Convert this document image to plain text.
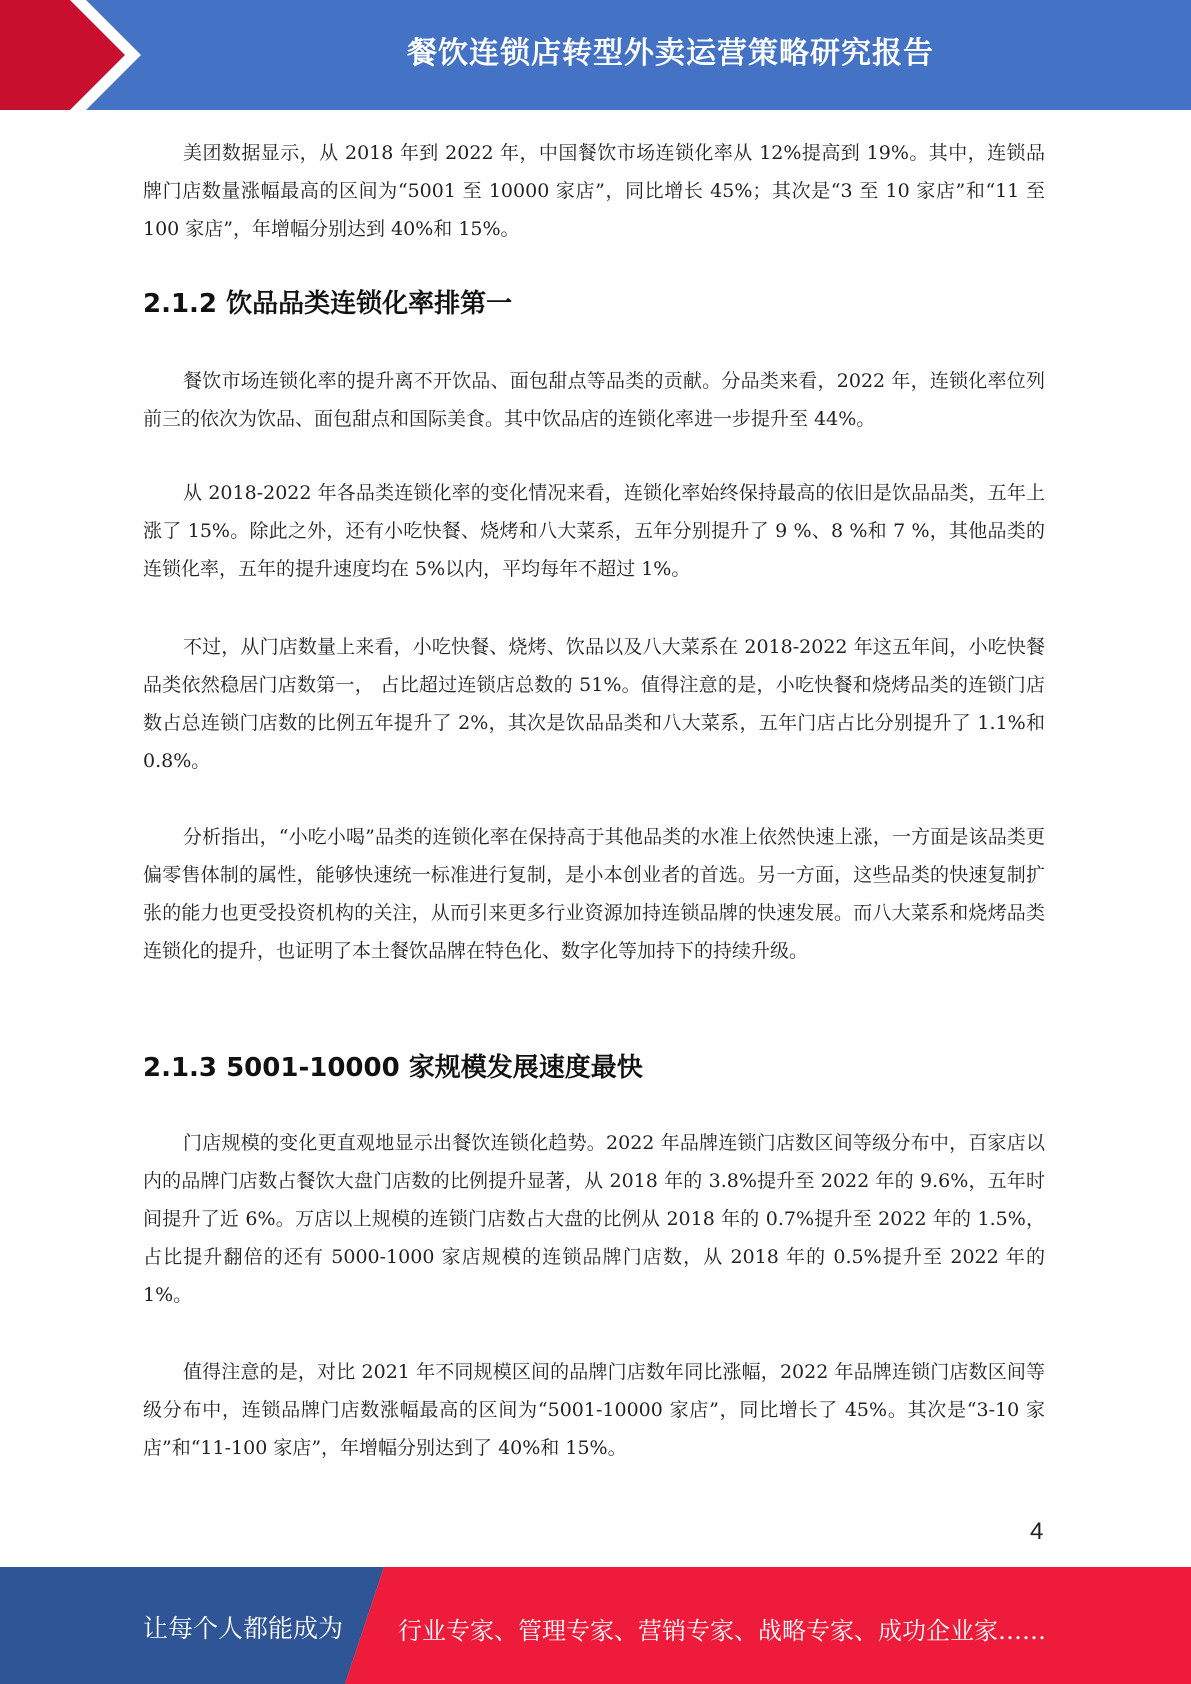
餐饮连锁店转型外卖运营策略研究报告
美团数据显示，从 2018 年到 2022 年，中国餐饮市场连锁化率从 12%提高到 19%。其中，连锁品牌门店数量涨幅最高的区间为“5001 至 10000 家店”，同比增长 45%；其次是“3 至 10 家店”和“11 至 100 家店”，年增幅分别达到 40%和 15%。
2.1.2 饮品品类连锁化率排第一
餐饮市场连锁化率的提升离不开饮品、面包甜点等品类的贡献。分品类来看，2022 年，连锁化率位列前三的依次为饮品、面包甜点和国际美食。其中饮品店的连锁化率进一步提升至 44%。
从 2018-2022 年各品类连锁化率的变化情况来看，连锁化率始终保持最高的依旧是饮品品类，五年上涨了 15%。除此之外，还有小吃快餐、烧烤和八大菜系，五年分别提升了 9 %、8 %和 7 %，其他品类的连锁化率，五年的提升速度均在 5%以内，平均每年不超过 1%。
不过，从门店数量上来看，小吃快餐、烧烤、饮品以及八大菜系在 2018-2022 年这五年间，小吃快餐品类依然稳居门店数第一， 占比超过连锁店总数的 51%。值得注意的是，小吃快餐和烧烤品类的连锁门店数占总连锁门店数的比例五年提升了 2%，其次是饮品品类和八大菜系，五年门店占比分别提升了 1.1%和 0.8%。
分析指出，“小吃小喝”品类的连锁化率在保持高于其他品类的水准上依然快速上涨，一方面是该品类更偏零售体制的属性，能够快速统一标准进行复制，是小本创业者的首选。另一方面，这些品类的快速复制扩张的能力也更受投资机构的关注，从而引来更多行业资源加持连锁品牌的快速发展。而八大菜系和烧烤品类连锁化的提升，也证明了本土餐饮品牌在特色化、数字化等加持下的持续升级。
2.1.3 5001-10000 家规模发展速度最快
门店规模的变化更直观地显示出餐饮连锁化趋势。2022 年品牌连锁门店数区间等级分布中，百家店以内的品牌门店数占餐饮大盘门店数的比例提升显著，从 2018 年的 3.8%提升至 2022 年的 9.6%，五年时间提升了近 6%。万店以上规模的连锁门店数占大盘的比例从 2018 年的 0.7%提升至 2022 年的 1.5%，占比提升翻倍的还有 5000-1000 家店规模的连锁品牌门店数，从 2018 年的 0.5%提升至 2022 年的 1%。
值得注意的是，对比 2021 年不同规模区间的品牌门店数年同比涨幅，2022 年品牌连锁门店数区间等级分布中，连锁品牌门店数涨幅最高的区间为“5001-10000 家店”，同比增长了 45%。其次是“3-10 家店”和“11-100 家店”，年增幅分别达到了 40%和 15%。
4
让每个人都能成为 行业专家、管理专家、营销专家、战略专家、成功企业家……
